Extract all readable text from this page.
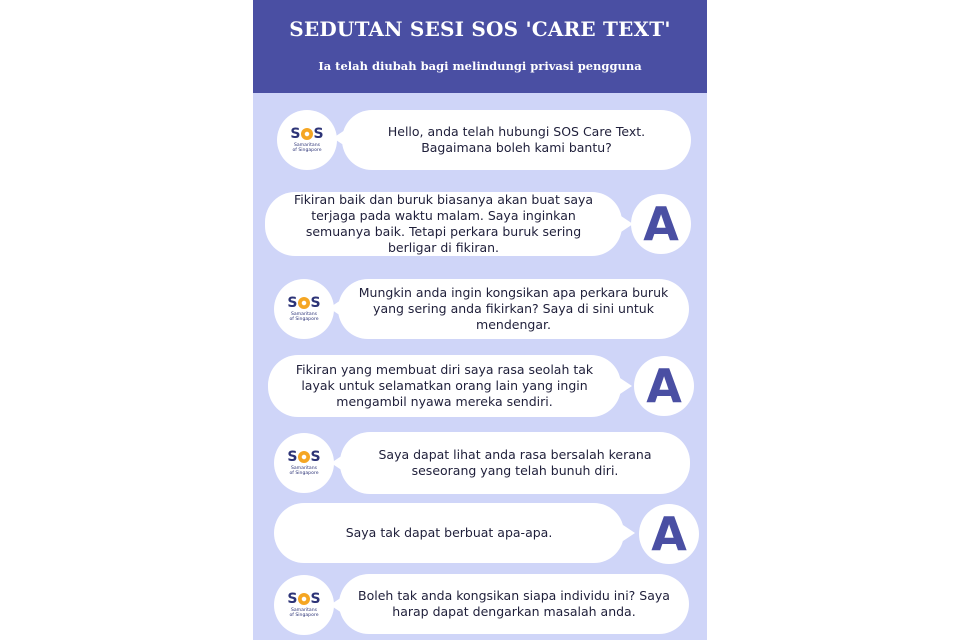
SEDUTAN SESI SOS 'CARE TEXT'
Ia telah diubah bagi melindungi privasi pengguna
S S
Samaritans
of Singapore
Hello, anda telah hubungi SOS Care Text. Bagaimana boleh kami bantu?
Fikiran baik dan buruk biasanya akan buat saya terjaga pada waktu malam. Saya inginkan semuanya baik. Tetapi perkara buruk sering berligar di fikiran.	A
S S
Samaritans
of Singapore
Mungkin anda ingin kongsikan apa perkara buruk yang sering anda fikirkan? Saya di sini untuk mendengar.
Fikiran yang membuat diri saya rasa seolah tak layak untuk selamatkan orang lain yang ingin mengambil nyawa mereka sendiri.	A
S S
Samaritans
of Singapore
Saya dapat lihat anda rasa bersalah kerana seseorang yang telah bunuh diri.
Saya tak dapat berbuat apa-apa. A
S S
Samaritans
of Singapore
Boleh tak anda kongsikan siapa individu ini? Saya harap dapat dengarkan masalah anda.
